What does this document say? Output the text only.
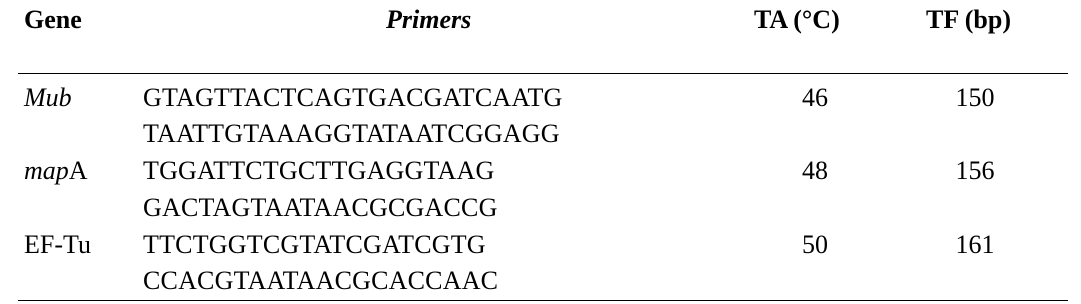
Gene	Primers	TA (°C)	TF (bp)
Mub	GTAGTTACTCAGTGACGATCAATG	46	150
TAATTGTAAAGGTATAATCGGAGG
mapA TGGATTCTGCTTGAGGTAAG	48	156
GACTAGTAATAACGCGACCG
EF-Tu TTCTGGTCGTATCGATCGTG	50	161
CCACGTAATAACGCACCAAC
